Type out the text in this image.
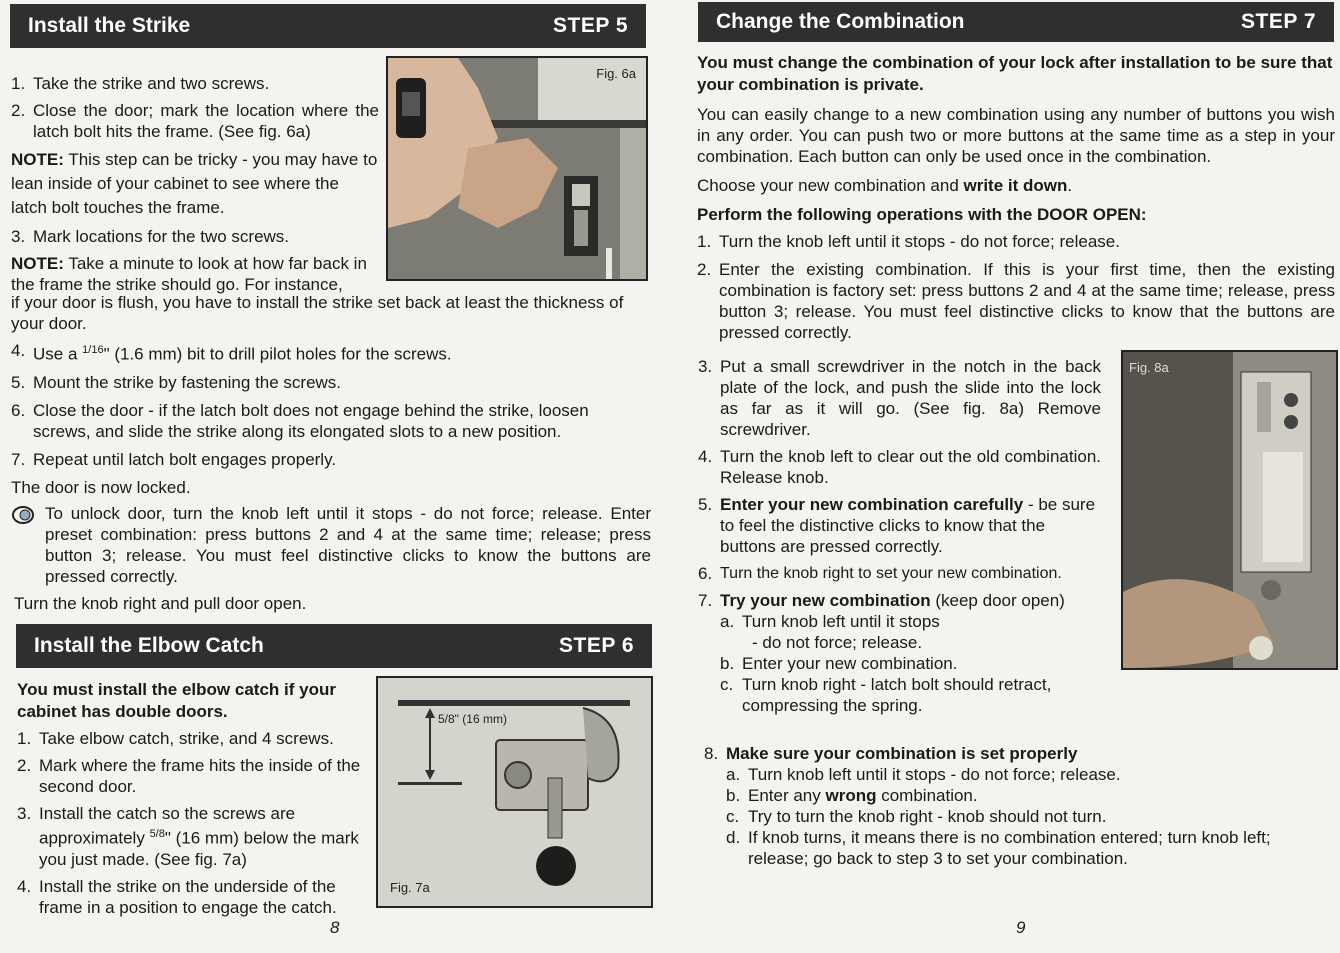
Install the Strike	STEP 5
Fig. 6a
1. Take the strike and two screws.
2. Close the door; mark the location where the latch bolt hits the frame. (See fig. 6a)
NOTE: This step can be tricky - you may have to lean inside of your cabinet to see where the latch bolt touches the frame.
3. Mark locations for the two screws.
NOTE: Take a minute to look at how far back in the frame the strike should go. For instance,
if your door is flush, you have to install the strike set back at least the thickness of your door.
4. Use a $^{1/16}$" (1.6 mm) bit to drill pilot holes for the screws.
5. Mount the strike by fastening the screws.
6. Close the door - if the latch bolt does not engage behind the strike, loosen screws, and slide the strike along its elongated slots to a new position.
7. Repeat until latch bolt engages properly.
The door is now locked.
To unlock door, turn the knob left until it stops - do not force; release. Enter preset combination: press buttons 2 and 4 at the same time; release; press button 3; release. You must feel distinctive clicks to know the buttons are pressed correctly.
Turn the knob right and pull door open.
Install the Elbow Catch	STEP 6
Fig. 7a
5/8" (16 mm)
You must install the elbow catch if your cabinet has double doors.
1. Take elbow catch, strike, and 4 screws.
2. Mark where the frame hits the inside of the second door.
3. Install the catch so the screws are approximately $^{5/8}$" (16 mm) below the mark you just made. (See fig. 7a)
4. Install the strike on the underside of the frame in a position to engage the catch.
8
Change the Combination	STEP 7
You must change the combination of your lock after installation to be sure that your combination is private.
You can easily change to a new combination using any number of buttons you wish in any order. You can push two or more buttons at the same time as a step in your combination. Each button can only be used once in the combination.
Choose your new combination and write it down.
Perform the following operations with the DOOR OPEN:
1. Turn the knob left until it stops - do not force; release.
2. Enter the existing combination. If this is your first time, then the existing combination is factory set: press buttons 2 and 4 at the same time; release, press button 3; release. You must feel distinctive clicks to know that the buttons are pressed correctly.
Fig. 8a
3. Put a small screwdriver in the notch in the back plate of the lock, and push the slide into the lock as far as it will go. (See fig. 8a) Remove screwdriver.
4. Turn the knob left to clear out the old combination. Release knob.
5. Enter your new combination carefully - be sure to feel the distinctive clicks to know that the buttons are pressed correctly.
6. Turn the knob right to set your new combination.
7. Try your new combination (keep door open)
a. Turn knob left until it stops
- do not force; release.
b. Enter your new combination.
c. Turn knob right - latch bolt should retract, compressing the spring.
8. Make sure your combination is set properly
a. Turn knob left until it stops - do not force; release.
b. Enter any wrong combination.
c. Try to turn the knob right - knob should not turn.
d. If knob turns, it means there is no combination entered; turn knob left; release; go back to step 3 to set your combination.
9
